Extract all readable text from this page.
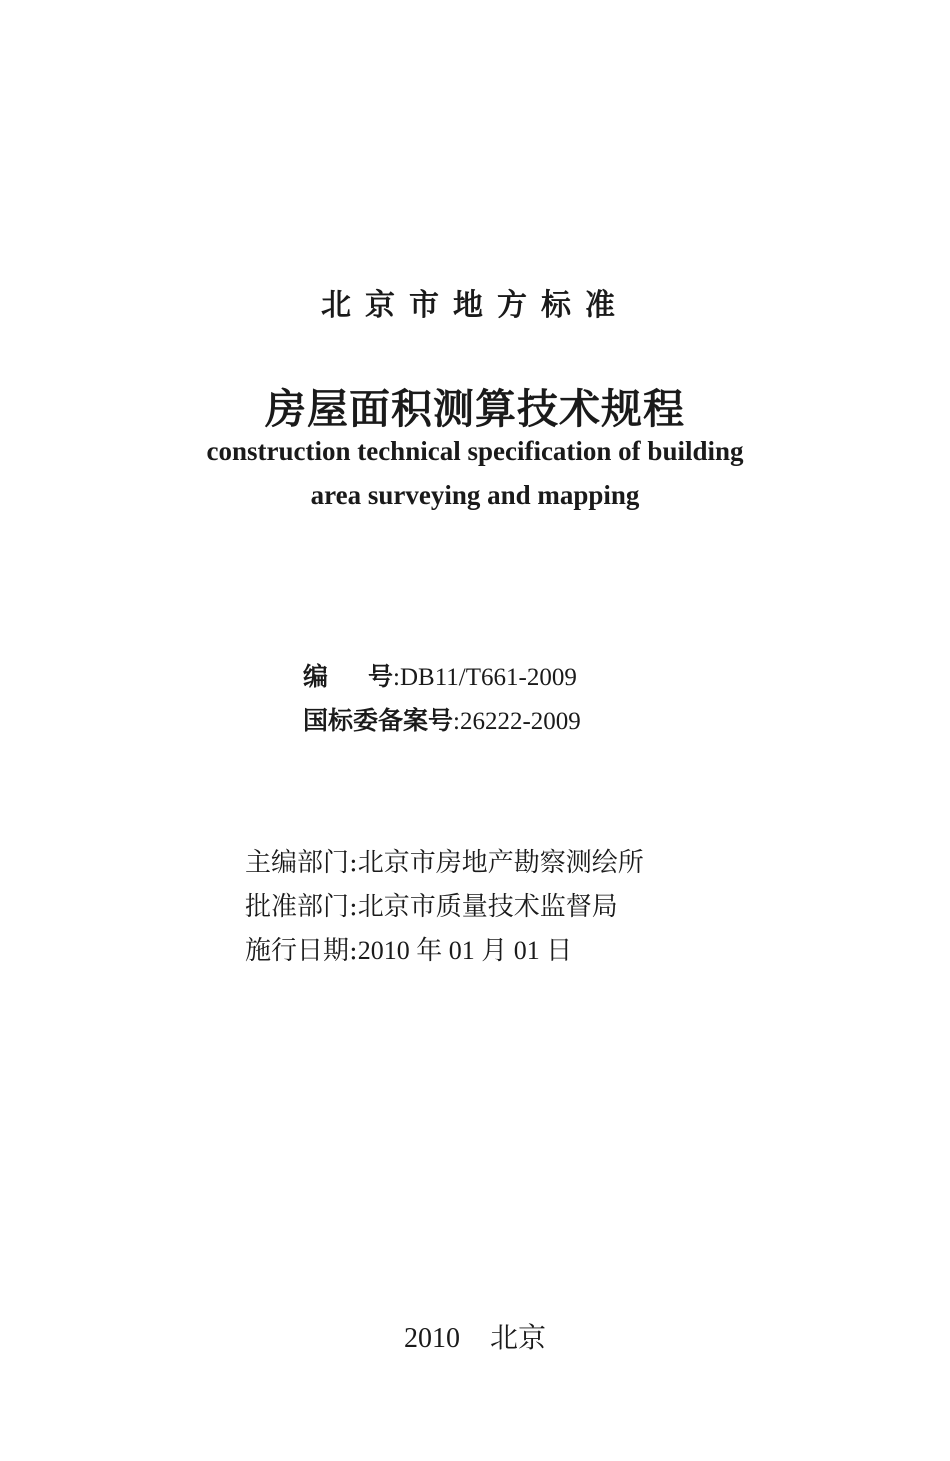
北京市地方标准
房屋面积测算技术规程
construction technical specification of building
area surveying and mapping
编 号:DB11/T661-2009
国标委备案号:26222-2009
主编部门:北京市房地产勘察测绘所
批准部门:北京市质量技术监督局
施行日期:2010 年 01 月 01 日
2010 北京
